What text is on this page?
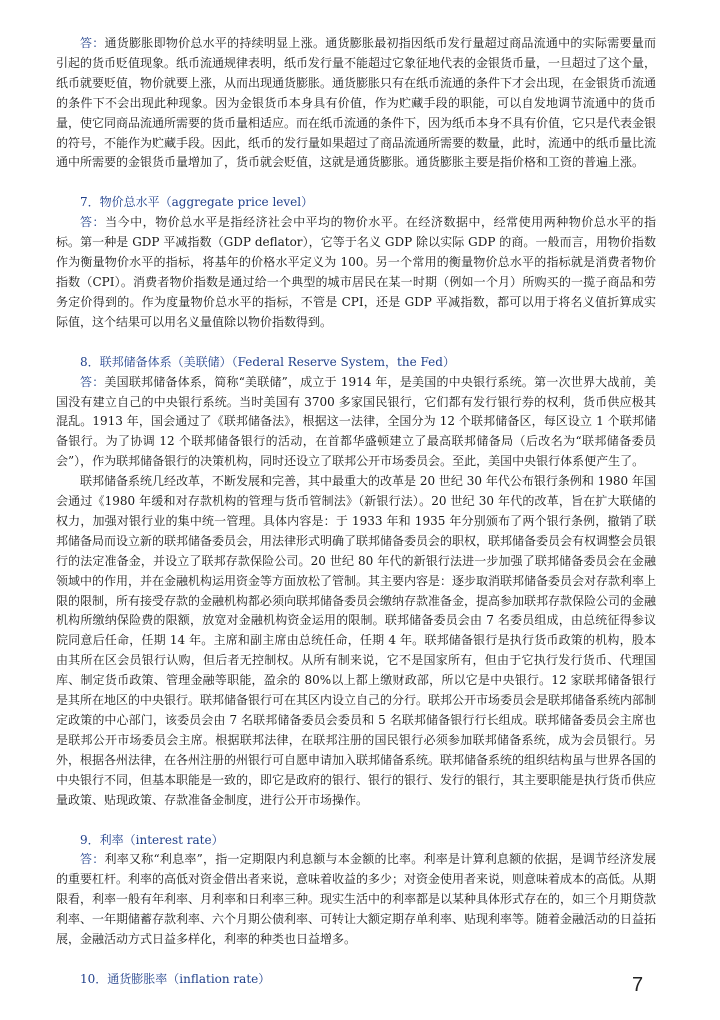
答：通货膨胀即物价总水平的持续明显上涨。通货膨胀最初指因纸币发行量超过商品流通中的实际需要量而引起的货币贬值现象。纸币流通规律表明，纸币发行量不能超过它象征地代表的金银货币量，一旦超过了这个量，纸币就要贬值，物价就要上涨，从而出现通货膨胀。通货膨胀只有在纸币流通的条件下才会出现，在金银货币流通的条件下不会出现此种现象。因为金银货币本身具有价值，作为贮藏手段的职能，可以自发地调节流通中的货币量，使它同商品流通所需要的货币量相适应。而在纸币流通的条件下，因为纸币本身不具有价值，它只是代表金银的符号，不能作为贮藏手段。因此，纸币的发行量如果超过了商品流通所需要的数量，此时，流通中的纸币量比流通中所需要的金银货币量增加了，货币就会贬值，这就是通货膨胀。通货膨胀主要是指价格和工资的普遍上涨。

7．物价总水平（aggregate price level）

答：当今中，物价总水平是指经济社会中平均的物价水平。在经济数据中，经常使用两种物价总水平的指标。第一种是 GDP 平减指数（GDP deflator），它等于名义 GDP 除以实际 GDP 的商。一般而言，用物价指数作为衡量物价水平的指标，将基年的价格水平定义为 100。另一个常用的衡量物价总水平的指标就是消费者物价指数（CPI）。消费者物价指数是通过给一个典型的城市居民在某一时期（例如一个月）所购买的一揽子商品和劳务定价得到的。作为度量物价总水平的指标，不管是 CPI，还是 GDP 平减指数，都可以用于将名义值折算成实际值，这个结果可以用名义量值除以物价指数得到。

8．联邦储备体系（美联储）（Federal Reserve System，the Fed）

答：美国联邦储备体系，简称“美联储”，成立于 1914 年，是美国的中央银行系统。第一次世界大战前，美国没有建立自己的中央银行系统。当时美国有 3700 多家国民银行，它们都有发行银行券的权利，货币供应极其混乱。1913 年，国会通过了《联邦储备法》，根据这一法律，全国分为 12 个联邦储备区，每区设立 1 个联邦储备银行。为了协调 12 个联邦储备银行的活动，在首都华盛顿建立了最高联邦储备局（后改名为“联邦储备委员会”），作为联邦储备银行的决策机构，同时还设立了联邦公开市场委员会。至此，美国中央银行体系便产生了。

联邦储备系统几经改革，不断发展和完善，其中最重大的改革是 20 世纪 30 年代公布银行条例和 1980 年国会通过《1980 年缓和对存款机构的管理与货币管制法》（新银行法）。20 世纪 30 年代的改革，旨在扩大联储的权力，加强对银行业的集中统一管理。具体内容是：于 1933 年和 1935 年分别颁布了两个银行条例，撤销了联邦储备局而设立新的联邦储备委员会，用法律形式明确了联邦储备委员会的职权，联邦储备委员会有权调整会员银行的法定准备金，并设立了联邦存款保险公司。20 世纪 80 年代的新银行法进一步加强了联邦储备委员会在金融领域中的作用，并在金融机构运用资金等方面放松了管制。其主要内容是：逐步取消联邦储备委员会对存款利率上限的限制，所有接受存款的金融机构都必须向联邦储备委员会缴纳存款准备金，提高参加联邦存款保险公司的金融机构所缴纳保险费的限额，放宽对金融机构资金运用的限制。联邦储备委员会由 7 名委员组成，由总统征得参议院同意后任命，任期 14 年。主席和副主席由总统任命，任期 4 年。联邦储备银行是执行货币政策的机构，股本由其所在区会员银行认购，但后者无控制权。从所有制来说，它不是国家所有，但由于它执行发行货币、代理国库、制定货币政策、管理金融等职能，盈余的 80%以上都上缴财政部，所以它是中央银行。12 家联邦储备银行是其所在地区的中央银行。联邦储备银行可在其区内设立自己的分行。联邦公开市场委员会是联邦储备系统内部制定政策的中心部门，该委员会由 7 名联邦储备委员会委员和 5 名联邦储备银行行长组成。联邦储备委员会主席也是联邦公开市场委员会主席。根据联邦法律，在联邦注册的国民银行必须参加联邦储备系统，成为会员银行。另外，根据各州法律，在各州注册的州银行可自愿申请加入联邦储备系统。联邦储备系统的组织结构虽与世界各国的中央银行不同，但基本职能是一致的，即它是政府的银行、银行的银行、发行的银行，其主要职能是执行货币供应量政策、贴现政策、存款准备金制度，进行公开市场操作。

9．利率（interest rate）

答：利率又称“利息率”，指一定期限内利息额与本金额的比率。利率是计算利息额的依据，是调节经济发展的重要杠杆。利率的高低对资金借出者来说，意味着收益的多少；对资金使用者来说，则意味着成本的高低。从期限看，利率一般有年利率、月利率和日利率三种。现实生活中的利率都是以某种具体形式存在的，如三个月期贷款利率、一年期储蓄存款利率、六个月期公债利率、可转让大额定期存单利率、贴现利率等。随着金融活动的日益拓展，金融活动方式日益多样化，利率的种类也日益增多。

10．通货膨胀率（inflation rate）	7
